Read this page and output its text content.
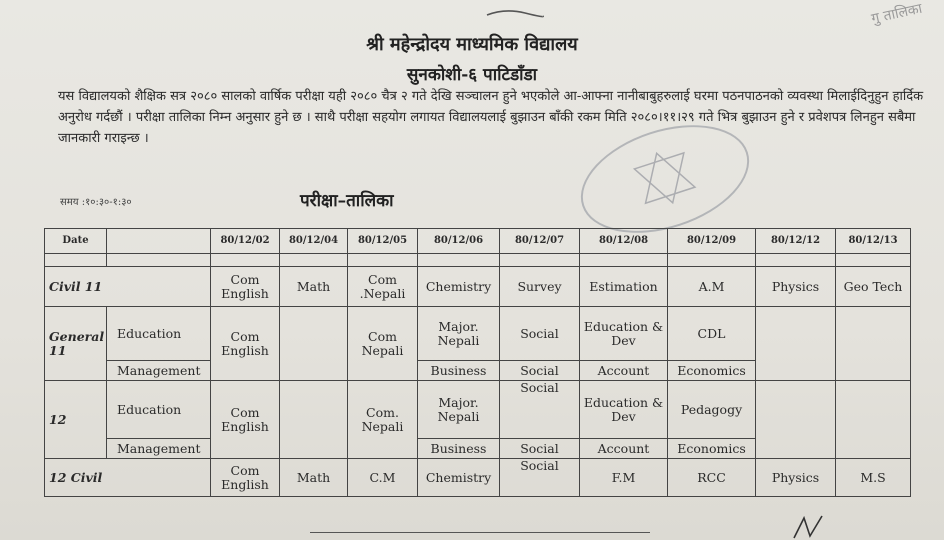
गु तालिका
श्री महेन्द्रोदय माध्यमिक विद्यालय
सुनकोशी-६ पाटिडाँडा
यस विद्यालयको शैक्षिक सत्र २०८० सालको वार्षिक परीक्षा यही २०८० चैत्र २ गते देखि सञ्चालन हुने भएकोले आ-आफ्ना नानीबाबुहरुलाई घरमा पठनपाठनको व्यवस्था मिलाईदिनुहुन हार्दिक अनुरोध गर्दछौं । परीक्षा तालिका निम्न अनुसार हुने छ । साथै परीक्षा सहयोग लगायत विद्यालयलाई बुझाउन बाँकी रकम मिति २०८०।११।२९ गते भित्र बुझाउन हुने र प्रवेशपत्र लिनहुन सबैमा जानकारी गराइन्छ ।
समय :१०:३०-१:३०	परीक्षा–तालिका
Date		80/12/02	80/12/04	80/12/05	80/12/06	80/12/07	80/12/08	80/12/09	80/12/12	80/12/13

Civil 11		Com English	Math	Com .Nepali	Chemistry	Survey	Estimation	A.M	Physics	Geo Tech
General 11	Education	Com English		Com Nepali	Major. Nepali	Social	Education & Dev	CDL		
	Management				Business	Social	Account	Economics		
12	Education	Com English		Com. Nepali	Major. Nepali	Social	Education & Dev	Pedagogy		
	Management				Business	Social	Account	Economics		
12 Civil		Com English	Math	C.M	Chemistry	Social	F.M	RCC	Physics	M.S
